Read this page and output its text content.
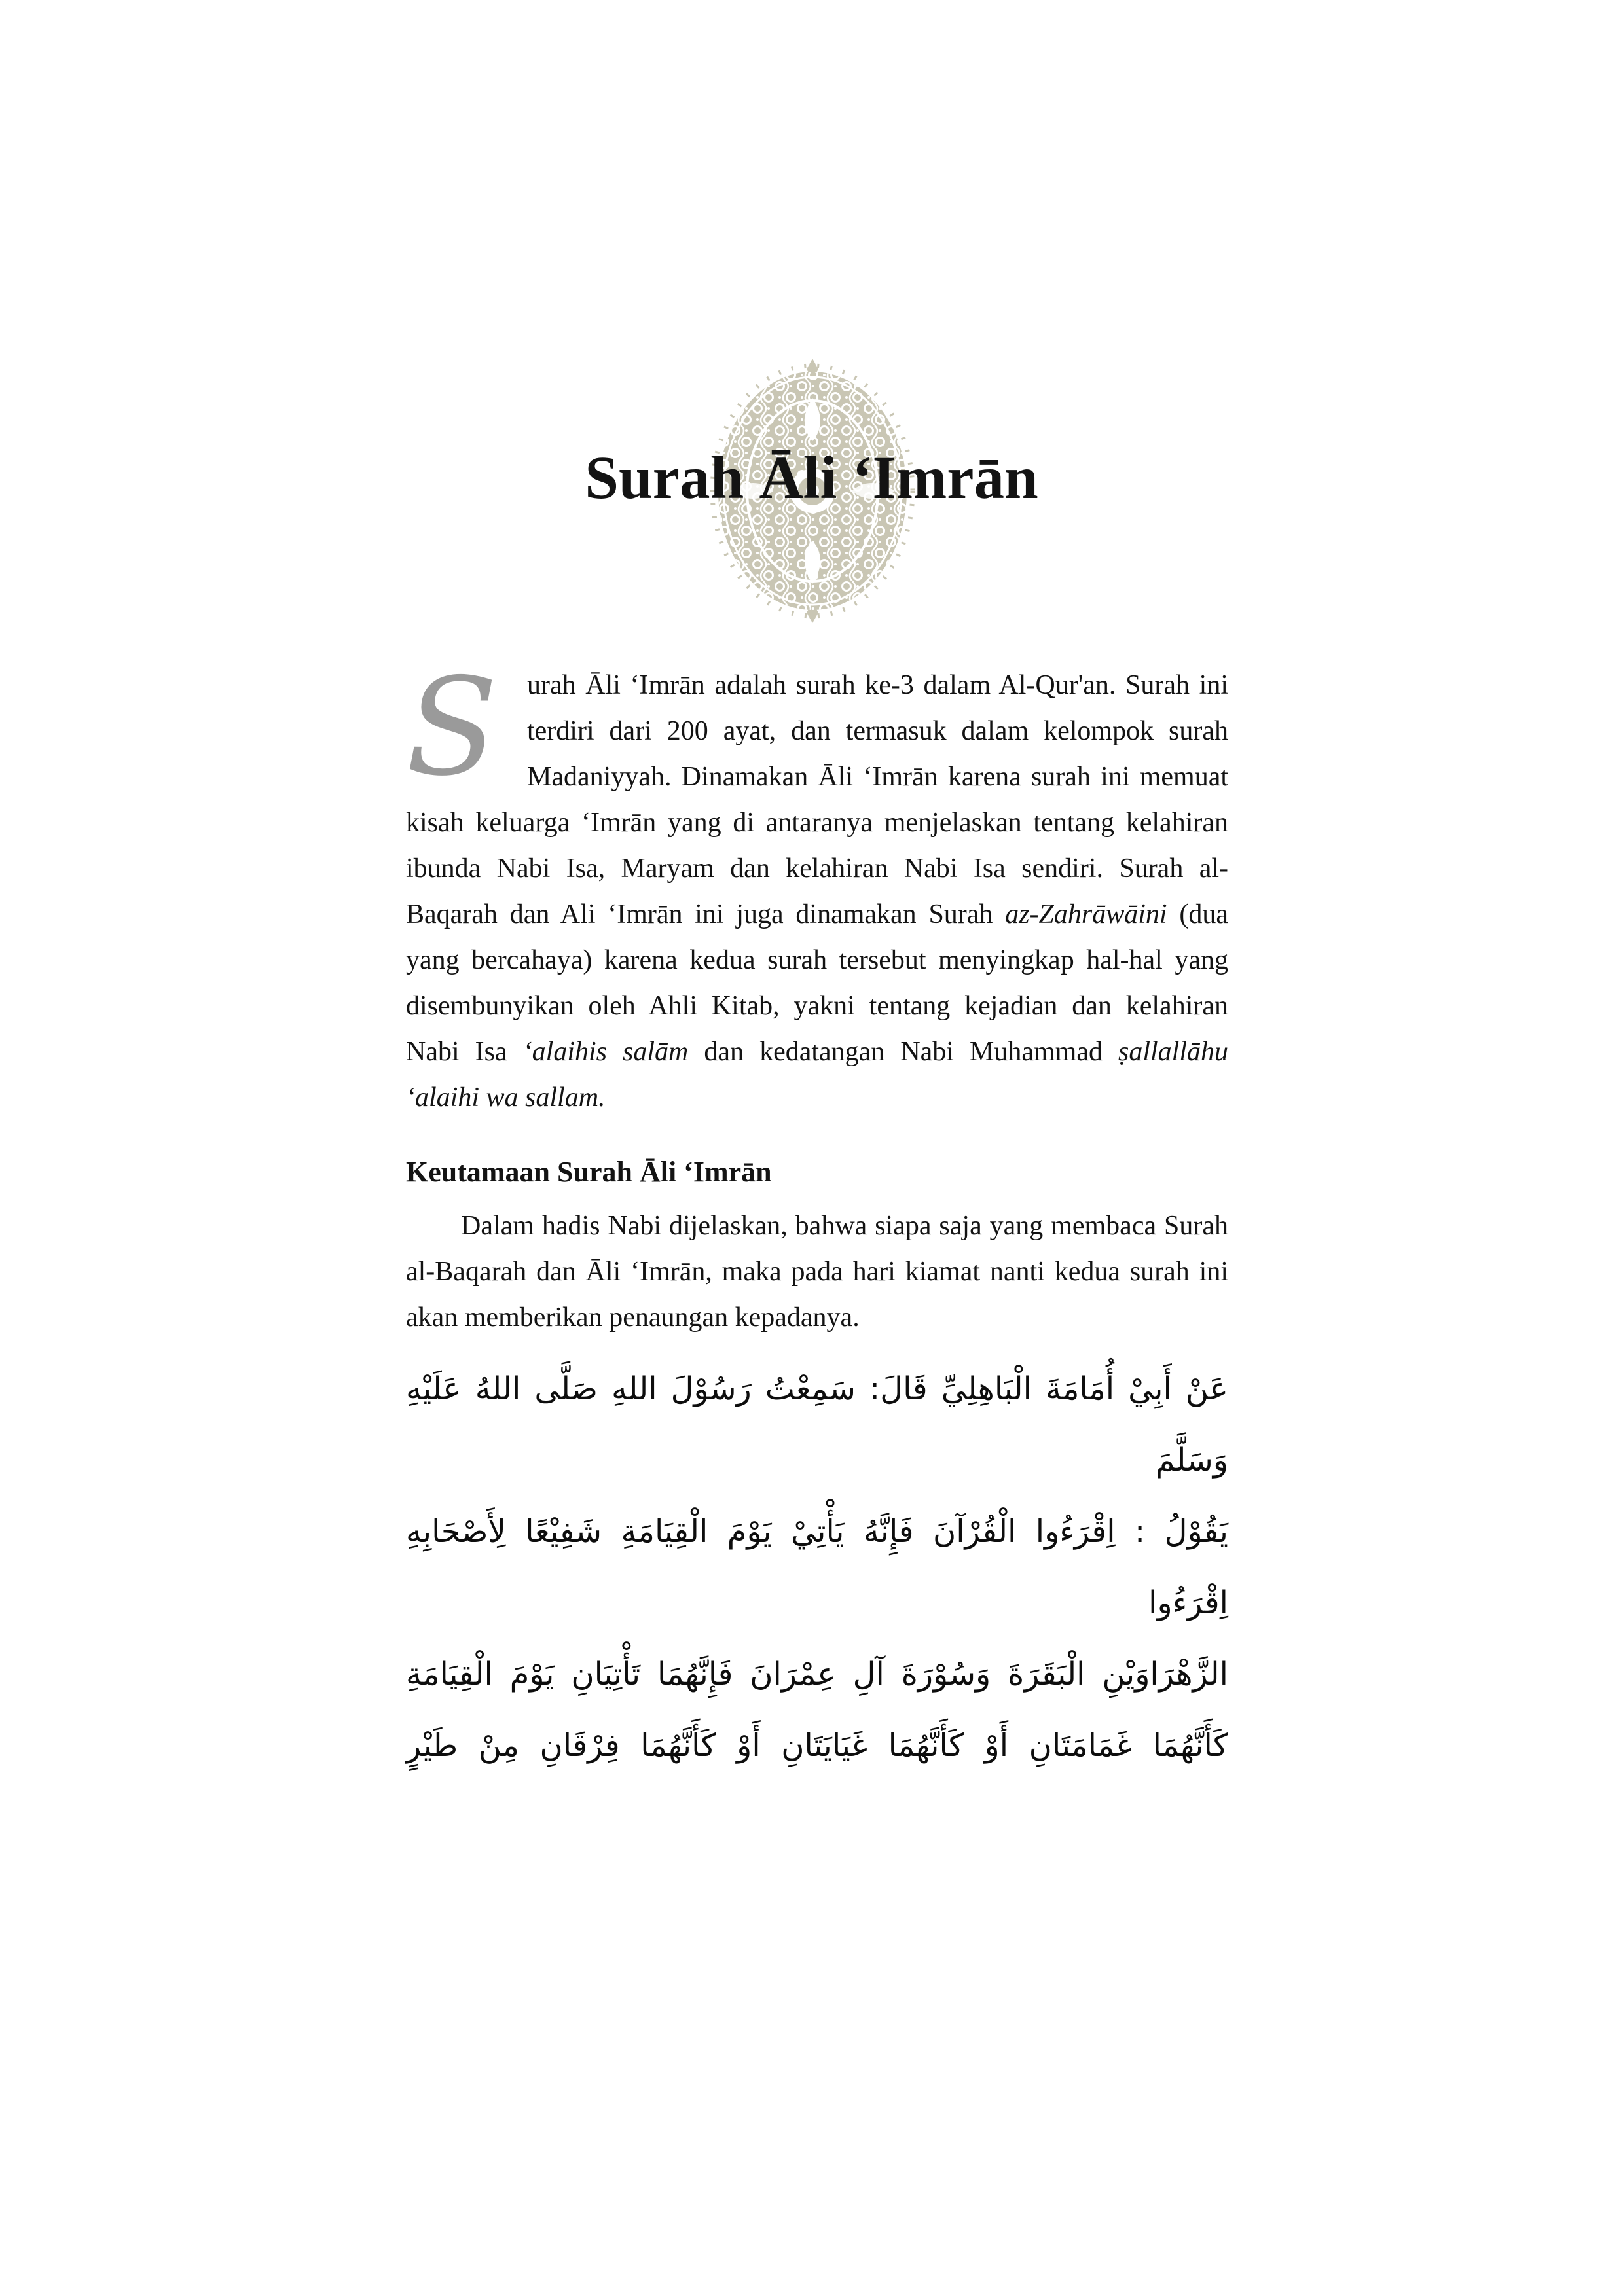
Surah Āli ‘Imrān
S	urah Āli ‘Imrān adalah surah ke-3 dalam Al-Qur'an. Surah ini terdiri dari 200 ayat, dan termasuk dalam kelompok surah Madaniyyah. Dinamakan Āli ‘Imrān karena surah ini memuat kisah keluarga ‘Imrān yang di antaranya menjelaskan tentang kelahiran ibunda Nabi Isa, Maryam dan kelahiran Nabi Isa sendiri. Surah al-Baqarah dan Ali ‘Imrān ini juga dinamakan Surah az-Zahrāwāini (dua yang bercahaya) karena kedua surah tersebut menyingkap hal-hal yang disembunyikan oleh Ahli Kitab, yakni tentang kejadian dan kelahiran Nabi Isa ‘alaihis salām dan kedatangan Nabi Muhammad ṣallallāhu ‘alaihi wa sallam.
Keutamaan Surah Āli ‘Imrān
Dalam hadis Nabi dijelaskan, bahwa siapa saja yang membaca Surah al-Baqarah dan Āli ‘Imrān, maka pada hari kiamat nanti kedua surah ini akan memberikan penaungan kepadanya.
عَنْ أَبِيْ أُمَامَةَ الْبَاهِلِيِّ قَالَ: سَمِعْتُ رَسُوْلَ اللهِ صَلَّى اللهُ عَلَيْهِ وَسَلَّمَ
يَقُوْلُ : اِقْرَءُوا الْقُرْآنَ فَإِنَّهُ يَأْتِيْ يَوْمَ الْقِيَامَةِ شَفِيْعًا لِأَصْحَابِهِ اِقْرَءُوا
الزَّهْرَاوَيْنِ الْبَقَرَةَ وَسُوْرَةَ آلِ عِمْرَانَ فَإِنَّهُمَا تَأْتِيَانِ يَوْمَ الْقِيَامَةِ
كَأَنَّهُمَا غَمَامَتَانِ أَوْ كَأَنَّهُمَا غَيَايَتَانِ أَوْ كَأَنَّهُمَا فِرْقَانِ مِنْ طَيْرٍ
